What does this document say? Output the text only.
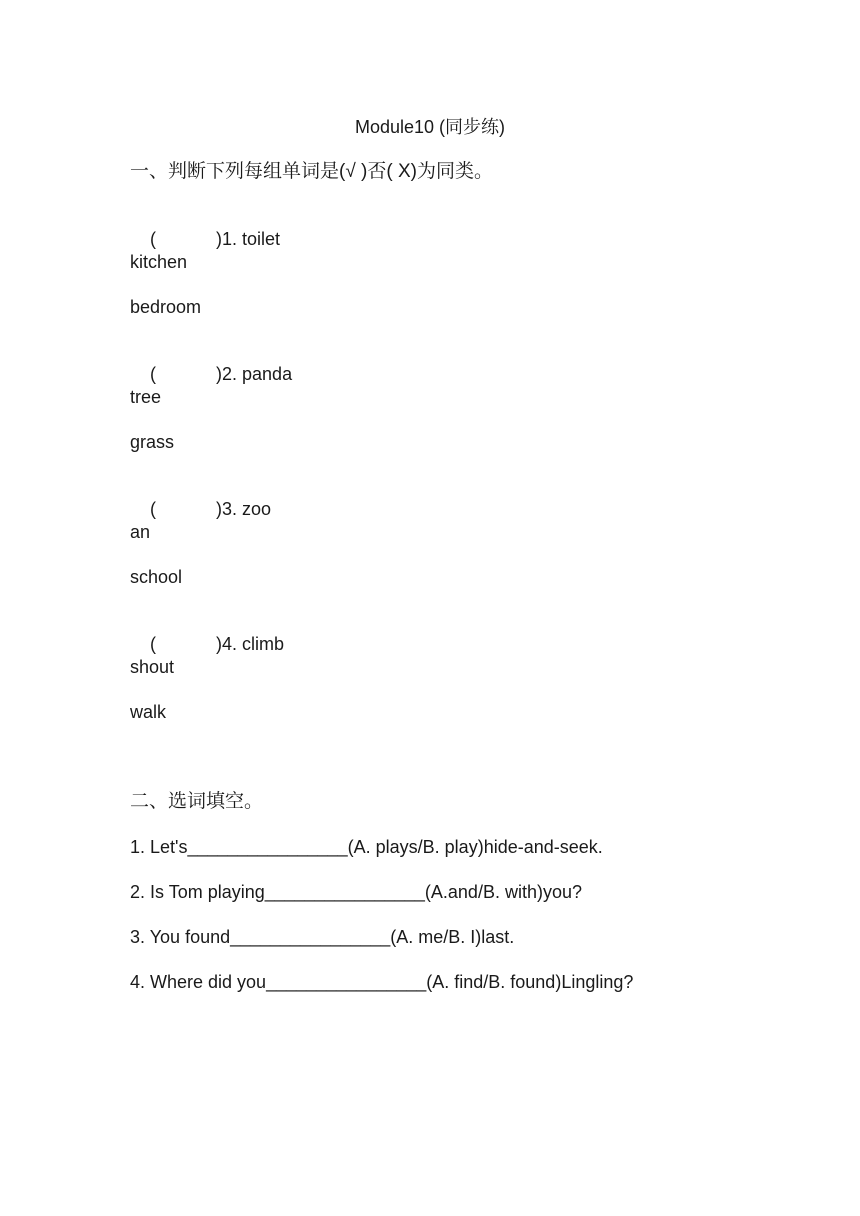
Module10 (同步练)
一、判断下列每组单词是(√ )否( X)为同类。

(	)1. toilet

kitchen
bedroom

(	)2. panda

tree
grass

(	)3. zoo

an
school

(	)4. climb

shout
walk
二、选词填空。
1. Let's________________(A. plays/B. play)hide-and-seek.
2. Is Tom playing________________(A.and/B. with)you?
3. You found________________(A. me/B. I)last.
4. Where did you________________(A. find/B. found)Lingling?
